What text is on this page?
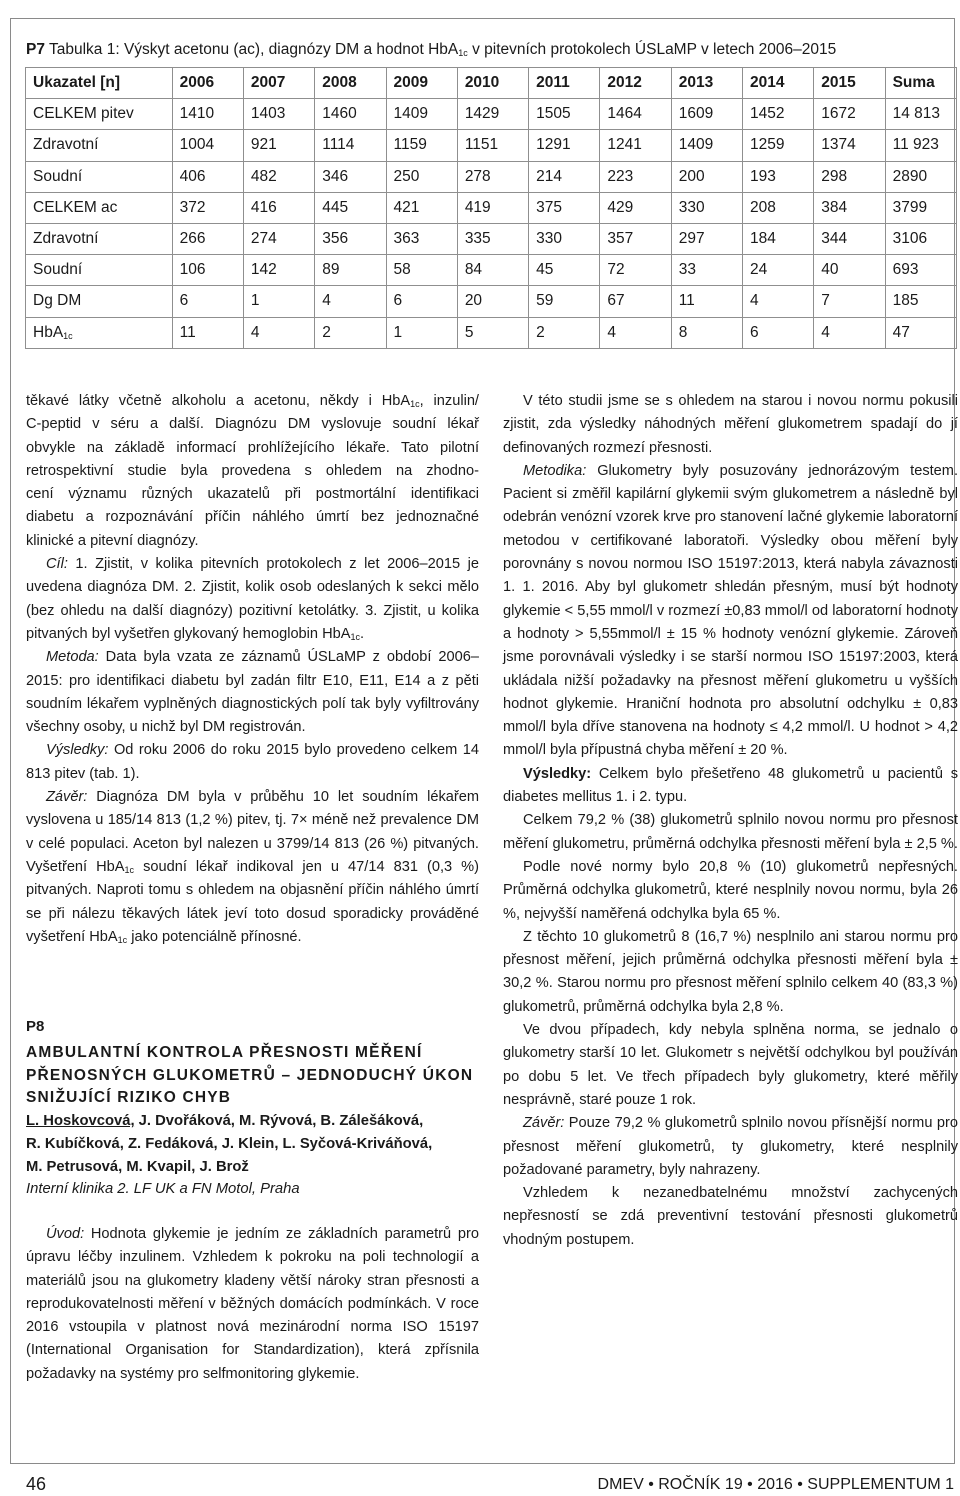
P7 Tabulka 1: Výskyt acetonu (ac), diagnózy DM a hodnot HbA$_{1c}$ v pitevních protokolech ÚSLaMP v letech 2006–2015
Ukazatel [n]	2006	2007	2008	2009	2010	2011	2012	2013	2014	2015	Suma
CELKEM pitev	1410	1403	1460	1409	1429	1505	1464	1609	1452	1672	14 813
Zdravotní	1004	921	1114	1159	1151	1291	1241	1409	1259	1374	11 923
Soudní	406	482	346	250	278	214	223	200	193	298	2890
CELKEM ac	372	416	445	421	419	375	429	330	208	384	3799
Zdravotní	266	274	356	363	335	330	357	297	184	344	3106
Soudní	106	142	89	58	84	45	72	33	24	40	693
Dg DM	6	1	4	6	20	59	67	11	4	7	185
HbA$_{1c}$	11	4	2	1	5	2	4	8	6	4	47
těkavé látky včetně alkoholu a acetonu, někdy i HbA$_{1c}$, inzulin/
C-peptid v séru a další. Diagnózu DM vyslovuje soudní lékař
obvykle na základě informací prohlížejícího lékaře. Tato pilotní
retrospektivní studie byla provedena s ohledem na zhodno-
cení významu různých ukazatelů při postmortální identifikaci
diabetu a rozpoznávání příčin náhlého úmrtí bez jednoznačné
klinické a pitevní diagnózy.

Cíl: 1. Zjistit, v kolika pitevních protokolech z let 2006–2015 je uvedena diagnóza DM. 2. Zjistit, kolik osob odeslaných k sekci mělo (bez ohledu na další diagnózy) pozitivní ketolátky. 3. Zjistit, u kolika pitvaných byl vyšetřen glykovaný hemoglobin HbA$_{1c}$.

Metoda: Data byla vzata ze záznamů ÚSLaMP z období 2006–2015: pro identifikaci diabetu byl zadán filtr E10, E11, E14 a z pěti soudním lékařem vyplněných diagnostických polí tak byly vyfiltrovány všechny osoby, u nichž byl DM registrován.

Výsledky: Od roku 2006 do roku 2015 bylo provedeno celkem 14 813 pitev (tab. 1).

Závěr: Diagnóza DM byla v průběhu 10 let soudním lékařem vyslovena u 185/14 813 (1,2 %) pitev, tj. 7× méně než prevalence DM v celé populaci. Aceton byl nalezen u 3799/14 813 (26 %) pitvaných. Vyšetření HbA$_{1c}$ soudní lékař indikoval jen u 47/14 831 (0,3 %) pitvaných. Naproti tomu s ohledem na objasnění příčin náhlého úmrtí se při nálezu těkavých látek jeví toto dosud sporadicky prováděné vyšetření HbA$_{1c}$ jako potenciálně přínosné.

P8
AMBULANTNÍ KONTROLA PŘESNOSTI MĚŘENÍ
PŘENOSNÝCH GLUKOMETRŮ – JEDNODUCHÝ ÚKON
SNIŽUJÍCÍ RIZIKO CHYB
L. Hoskovcová, J. Dvořáková, M. Rývová, B. Zálešáková,
R. Kubíčková, Z. Fedáková, J. Klein, L. Syčová-Kriváňová,
M. Petrusová, M. Kvapil, J. Brož
Interní klinika 2. LF UK a FN Motol, Praha

Úvod: Hodnota glykemie je jedním ze základních parametrů pro úpravu léčby inzulinem. Vzhledem k pokroku na poli technologií a materiálů jsou na glukometry kladeny větší nároky stran přesnosti a reprodukovatelnosti měření v běžných domácích podmínkách. V roce 2016 vstoupila v platnost nová mezinárodní norma ISO 15197 (International Organisation for Standardization), která zpřísnila požadavky na systémy pro selfmonitoring glykemie.

V této studii jsme se s ohledem na starou i novou normu pokusili zjistit, zda výsledky náhodných měření glukometrem spadají do jí definovaných rozmezí přesnosti.

Metodika: Glukometry byly posuzovány jednorázovým testem. Pacient si změřil kapilární glykemii svým glukometrem a následně byl odebrán venózní vzorek krve pro stanovení lačné glykemie laboratorní metodou v certifikované laboratoři. Výsledky obou měření byly porovnány s novou normou ISO 15197:2013, která nabyla závaznosti 1. 1. 2016. Aby byl glukometr shledán přesným, musí být hodnoty glykemie < 5,55 mmol/l v rozmezí ±0,83 mmol/l od laboratorní hodnoty a hodnoty > 5,55mmol/l ± 15 % hodnoty venózní glykemie. Zároveň jsme porovnávali výsledky i se starší normou ISO 15197:2003, která ukládala nižší požadavky na přesnost měření glukometru u vyšších hodnot glykemie. Hraniční hodnota pro absolutní odchylku ± 0,83 mmol/l byla dříve stanovena na hodnoty ≤ 4,2 mmol/l. U hodnot > 4,2 mmol/l byla přípustná chyba měření ± 20 %.

Výsledky: Celkem bylo přešetřeno 48 glukometrů u pacientů s diabetes mellitus 1. i 2. typu.

Celkem 79,2 % (38) glukometrů splnilo novou normu pro přesnost měření glukometru, průměrná odchylka přesnosti měření byla ± 2,5 %.

Podle nové normy bylo 20,8 % (10) glukometrů nepřesných. Průměrná odchylka glukometrů, které nesplnily novou normu, byla 26 %, nejvyšší naměřená odchylka byla 65 %.

Z těchto 10 glukometrů 8 (16,7 %) nesplnilo ani starou normu pro přesnost měření, jejich průměrná odchylka přesnosti měření byla ± 30,2 %. Starou normu pro přesnost měření splnilo celkem 40 (83,3 %) glukometrů, průměrná odchylka byla 2,8 %.

Ve dvou případech, kdy nebyla splněna norma, se jednalo o glukometry starší 10 let. Glukometr s největší odchylkou byl používán po dobu 5 let. Ve třech případech byly glukometry, které měřily nesprávně, staré pouze 1 rok.

Závěr: Pouze 79,2 % glukometrů splnilo novou přísnější normu pro přesnost měření glukometrů, ty glukometry, které nesplnily požadované parametry, byly nahrazeny.

Vzhledem k nezanedbatelnému množství zachycených nepřesností se zdá preventivní testování přesnosti glukometrů vhodným postupem.

46	DMEV • ROČNÍK 19 • 2016 • SUPPLEMENTUM 1
